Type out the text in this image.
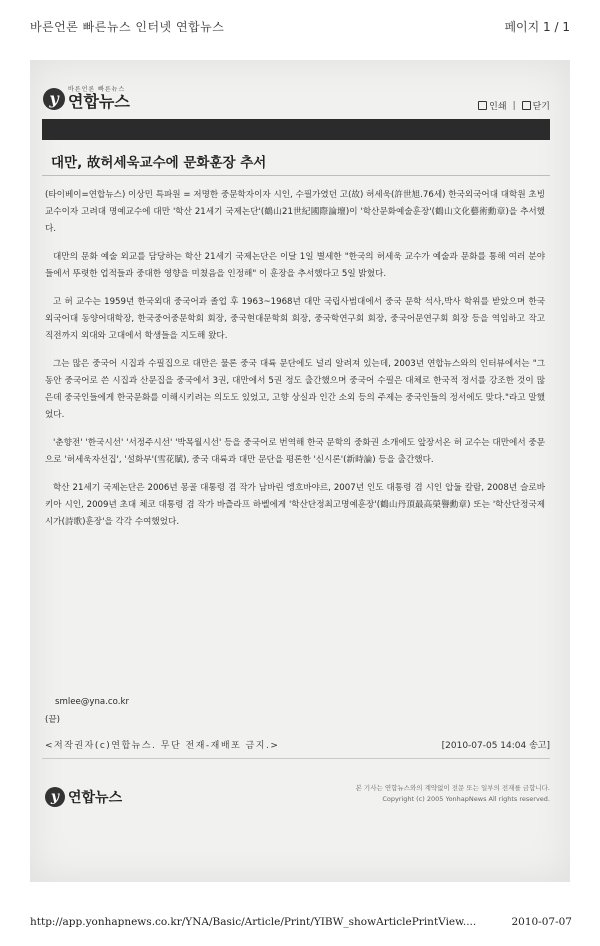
바른언론 빠른뉴스 인터넷 연합뉴스	페이지 1 / 1
y	바른언론 빠른뉴스
연합뉴스	인쇄 | 닫기
대만, 故허세욱교수에 문화훈장 추서

(타이베이=연합뉴스) 이상민 특파원 = 저명한 중문학자이자 시인, 수필가였던 고(故) 허세욱(許世旭.76세) 한국외국어대 대학원 초빙교수이자 고려대 명예교수에 대만 '학산 21세기 국제논단'(鶴山21世紀國際論壇)이 '학산문화예술훈장'(鶴山文化藝術勳章)을 추서했다.

대만의 문화 예술 외교를 담당하는 학산 21세기 국제논단은 이달 1일 별세한 "한국의 허세욱 교수가 예술과 문화를 통해 여러 분야들에서 뚜렷한 업적들과 중대한 영향을 미쳤음을 인정해" 이 훈장을 추서했다고 5일 밝혔다.

고 허 교수는 1959년 한국외대 중국어과 졸업 후 1963~1968년 대만 국립사범대에서 중국 문학 석사,박사 학위를 받았으며 한국외국어대 동양어대학장, 한국중어중문학회 회장, 중국현대문학회 회장, 중국학연구회 회장, 중국어문연구회 회장 등을 역임하고 작고 직전까지 외대와 고대에서 학생들을 지도해 왔다.

그는 많은 중국어 시집과 수필집으로 대만은 물론 중국 대륙 문단에도 널리 알려져 있는데, 2003년 연합뉴스와의 인터뷰에서는 "그동안 중국어로 쓴 시집과 산문집을 중국에서 3권, 대만에서 5권 정도 출간했으며 중국어 수필은 대체로 한국적 정서를 강조한 것이 많은데 중국인들에게 한국문화를 이해시키려는 의도도 있었고, 고향 상실과 인간 소외 등의 주제는 중국인들의 정서에도 맞다."라고 말했었다.

'춘향전' '한국시선' '서정주시선' '박목월시선' 등을 중국어로 번역해 한국 문학의 중화권 소개에도 앞장서온 허 교수는 대만에서 중문으로 '허세욱자선집', '설화부'(雪花賦), 중국 대륙과 대만 문단을 평론한 '신시론'(新時論) 등을 출간했다.

학산 21세기 국제논단은 2006년 몽골 대통령 겸 작가 남바린 엥흐바야르, 2007년 인도 대통령 겸 시인 압둘 칼람, 2008년 슬로바키아 시인, 2009년 초대 체코 대통령 겸 작가 바츨라프 하벨에게 '학산단정최고명예훈장'(鶴山丹頂最高榮譽勳章) 또는 '학산단정국제시가(詩歌)훈장'을 각각 수여했었다.

smlee@yna.co.kr
(끝)
<저작권자(c)연합뉴스. 무단 전재-재배포 금지.>	[2010-07-05 14:04 송고]
y 연합뉴스
본 기사는 연합뉴스와의 계약없이 전문 또는 일부의 전재를 금합니다.
Copyright (c) 2005 YonhapNews All rights reserved.
http://app.yonhapnews.co.kr/YNA/Basic/Article/Print/YIBW_showArticlePrintView....	2010-07-07
